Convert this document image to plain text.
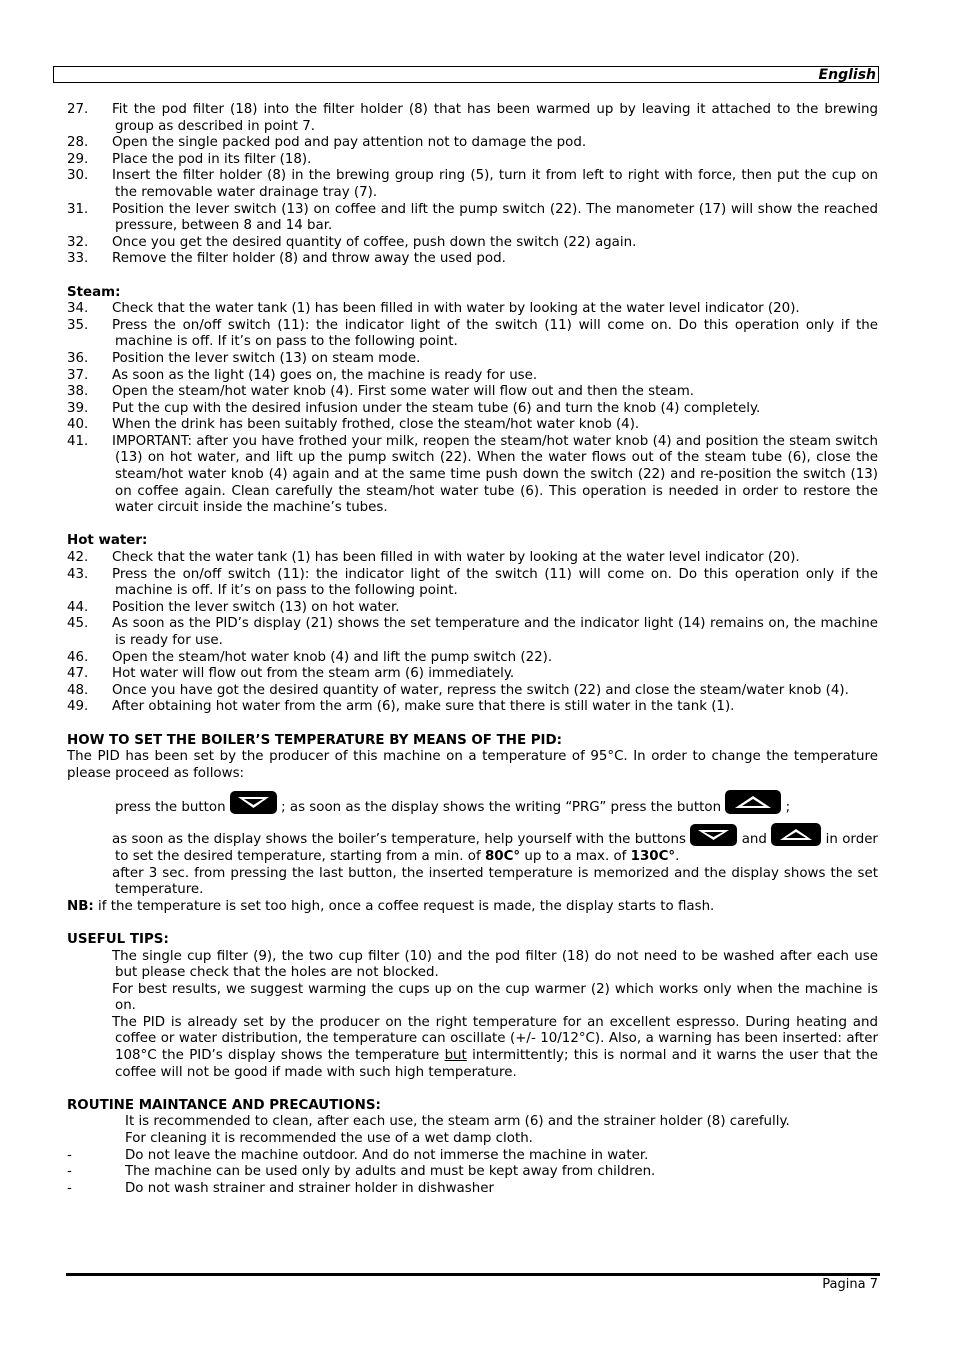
English
27. Fit the pod filter (18) into the filter holder (8) that has been warmed up by leaving it attached to the brewing group as described in point 7.
28. Open the single packed pod and pay attention not to damage the pod.
29. Place the pod in its filter (18).
30. Insert the filter holder (8) in the brewing group ring (5), turn it from left to right with force, then put the cup on the removable water drainage tray (7).
31. Position the lever switch (13) on coffee and lift the pump switch (22). The manometer (17) will show the reached pressure, between 8 and 14 bar.
32. Once you get the desired quantity of coffee, push down the switch (22) again.
33. Remove the filter holder (8) and throw away the used pod.
Steam:
34. Check that the water tank (1) has been filled in with water by looking at the water level indicator (20).
35. Press the on/off switch (11): the indicator light of the switch (11) will come on. Do this operation only if the machine is off. If it’s on pass to the following point.
36. Position the lever switch (13) on steam mode.
37. As soon as the light (14) goes on, the machine is ready for use.
38. Open the steam/hot water knob (4). First some water will flow out and then the steam.
39. Put the cup with the desired infusion under the steam tube (6) and turn the knob (4) completely.
40. When the drink has been suitably frothed, close the steam/hot water knob (4).
41. IMPORTANT: after you have frothed your milk, reopen the steam/hot water knob (4) and position the steam switch (13) on hot water, and lift up the pump switch (22). When the water flows out of the steam tube (6), close the steam/hot water knob (4) again and at the same time push down the switch (22) and re-position the switch (13) on coffee again. Clean carefully the steam/hot water tube (6). This operation is needed in order to restore the water circuit inside the machine’s tubes.
Hot water:
42. Check that the water tank (1) has been filled in with water by looking at the water level indicator (20).
43. Press the on/off switch (11): the indicator light of the switch (11) will come on. Do this operation only if the machine is off. If it’s on pass to the following point.
44. Position the lever switch (13) on hot water.
45. As soon as the PID’s display (21) shows the set temperature and the indicator light (14) remains on, the machine is ready for use.
46. Open the steam/hot water knob (4) and lift the pump switch (22).
47. Hot water will flow out from the steam arm (6) immediately.
48. Once you have got the desired quantity of water, repress the switch (22) and close the steam/water knob (4).
49. After obtaining hot water from the arm (6), make sure that there is still water in the tank (1).
HOW TO SET THE BOILER’S TEMPERATURE BY MEANS OF THE PID:
The PID has been set by the producer of this machine on a temperature of 95°C. In order to change the temperature please proceed as follows:
press the button	; as soon as the display shows the writing “PRG” press the button	;
as soon as the display shows the boiler’s temperature, help yourself with the buttons	and	in order to set the desired temperature, starting from a min. of 80C° up to a max. of 130C°.
after 3 sec. from pressing the last button, the inserted temperature is memorized and the display shows the set temperature.
NB: if the temperature is set too high, once a coffee request is made, the display starts to flash.
USEFUL TIPS:
The single cup filter (9), the two cup filter (10) and the pod filter (18) do not need to be washed after each use but please check that the holes are not blocked.
For best results, we suggest warming the cups up on the cup warmer (2) which works only when the machine is on.
The PID is already set by the producer on the right temperature for an excellent espresso. During heating and coffee or water distribution, the temperature can oscillate (+/- 10/12°C). Also, a warning has been inserted: after 108°C the PID’s display shows the temperature but intermittently; this is normal and it warns the user that the coffee will not be good if made with such high temperature.
ROUTINE MAINTANCE AND PRECAUTIONS:
It is recommended to clean, after each use, the steam arm (6) and the strainer holder (8) carefully.
For cleaning it is recommended the use of a wet damp cloth.
-	Do not leave the machine outdoor. And do not immerse the machine in water.
-	The machine can be used only by adults and must be kept away from children.
-	Do not wash strainer and strainer holder in dishwasher
Pagina 7
